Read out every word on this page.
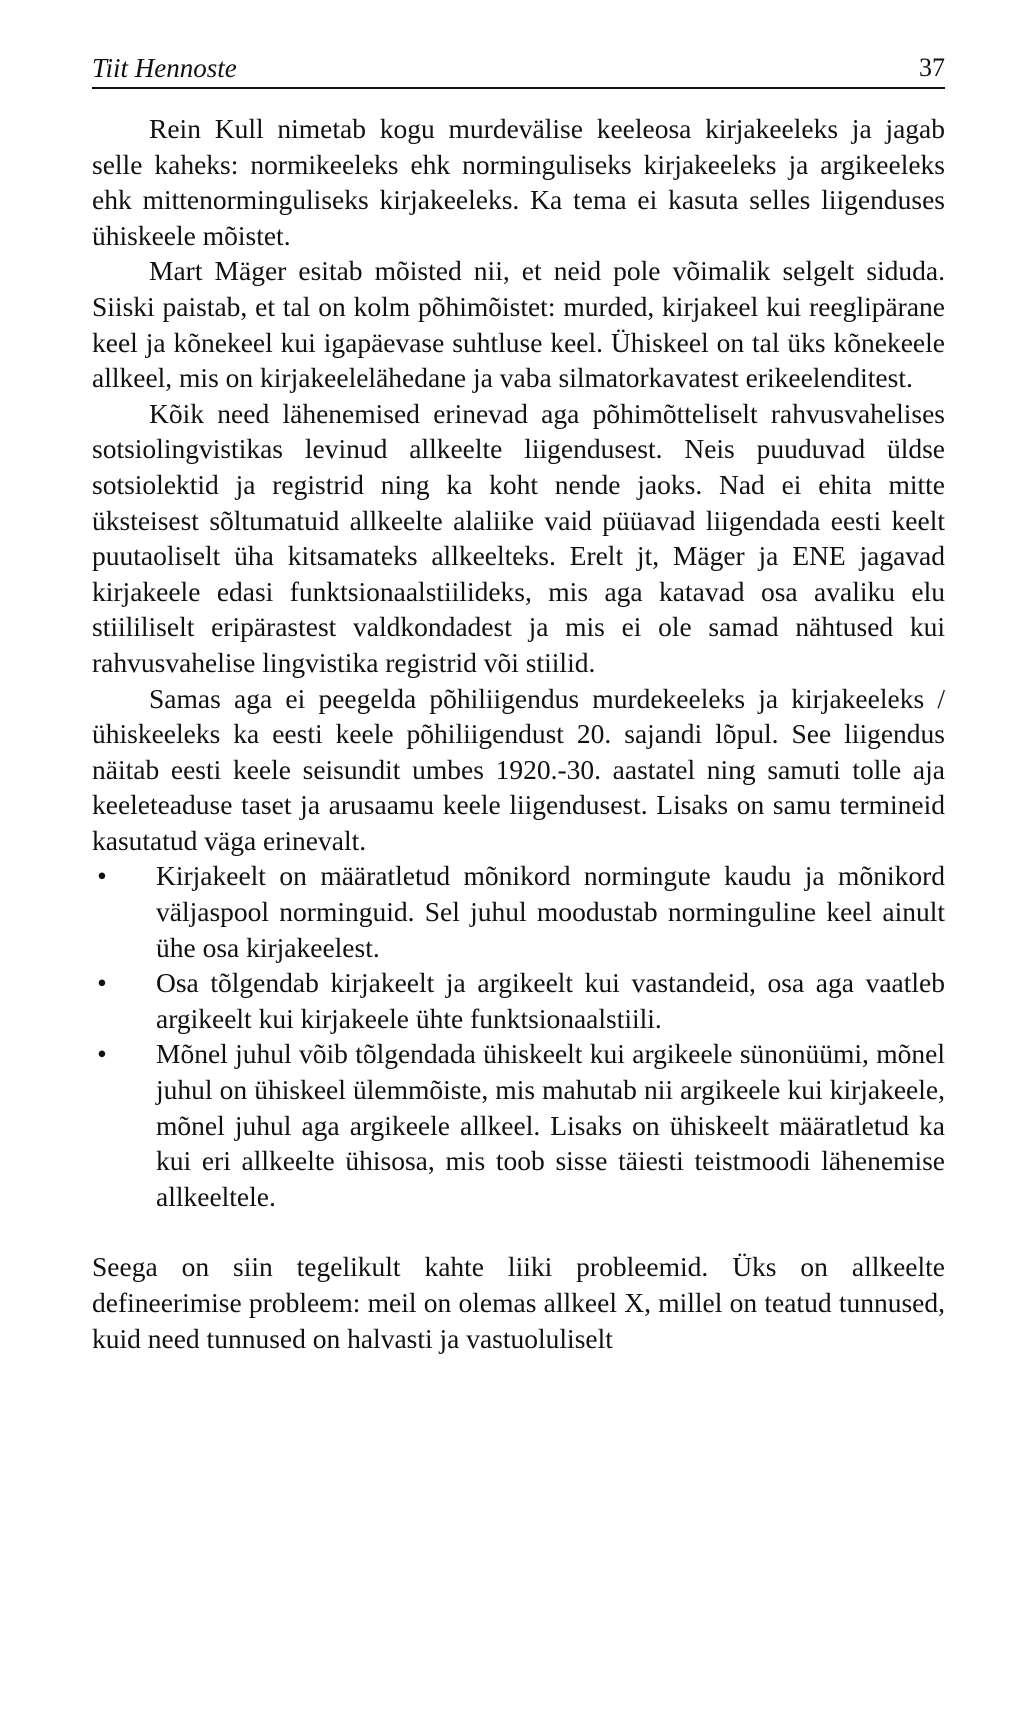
Tiit Hennoste	37

Rein Kull nimetab kogu murdevälise keeleosa kirjakeeleks ja jagab selle kaheks: normikeeleks ehk norminguliseks kirjakeeleks ja argikeeleks ehk mittenorminguliseks kirjakeeleks. Ka tema ei kasuta selles liigenduses ühiskeele mõistet.

Mart Mäger esitab mõisted nii, et neid pole võimalik selgelt siduda. Siiski paistab, et tal on kolm põhimõistet: murded, kirjakeel kui reeglipärane keel ja kõnekeel kui igapäevase suhtluse keel. Ühiskeel on tal üks kõnekeele allkeel, mis on kirjakeelelähedane ja vaba silmatorkavatest erikeelenditest.

Kõik need lähenemised erinevad aga põhimõtteliselt rahvusvahelises sotsiolingvistikas levinud allkeelte liigendusest. Neis puuduvad üldse sotsiolektid ja registrid ning ka koht nende jaoks. Nad ei ehita mitte üksteisest sõltumatuid allkeelte alaliike vaid püüavad liigendada eesti keelt puutaoliselt üha kitsamateks allkeelteks. Erelt jt, Mäger ja ENE jagavad kirjakeele edasi funktsionaalstiilideks, mis aga katavad osa avaliku elu stiililiselt eripärastest valdkondadest ja mis ei ole samad nähtused kui rahvusvahelise lingvistika registrid või stiilid.

Samas aga ei peegelda põhiliigendus murdekeeleks ja kirjakeeleks / ühiskeeleks ka eesti keele põhiliigendust 20. sajandi lõpul. See liigendus näitab eesti keele seisundit umbes 1920.-30. aastatel ning samuti tolle aja keeleteaduse taset ja arusaamu keele liigendusest. Lisaks on samu termineid kasutatud väga erinevalt.

• Kirjakeelt on määratletud mõnikord normingute kaudu ja mõnikord väljaspool norminguid. Sel juhul moodustab norminguline keel ainult ühe osa kirjakeelest.
• Osa tõlgendab kirjakeelt ja argikeelt kui vastandeid, osa aga vaatleb argikeelt kui kirjakeele ühte funktsionaalstiili.
• Mõnel juhul võib tõlgendada ühiskeelt kui argikeele sünonüümi, mõnel juhul on ühiskeel ülemmõiste, mis mahutab nii argikeele kui kirjakeele, mõnel juhul aga argikeele allkeel. Lisaks on ühiskeelt määratletud ka kui eri allkeelte ühisosa, mis toob sisse täiesti teistmoodi lähenemise allkeeltele.

Seega on siin tegelikult kahte liiki probleemid. Üks on allkeelte defineerimise probleem: meil on olemas allkeel X, millel on teatud tunnused, kuid need tunnused on halvasti ja vastuoluliselt
